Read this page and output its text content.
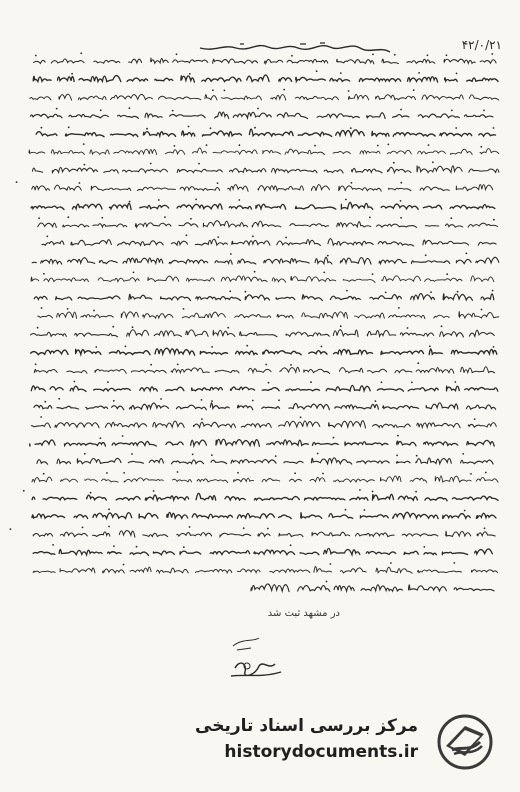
۴۲/۰/۲۱
در مشهد ثبت شد
مرکز بررسی اسناد تاریخی
historydocuments.ir
